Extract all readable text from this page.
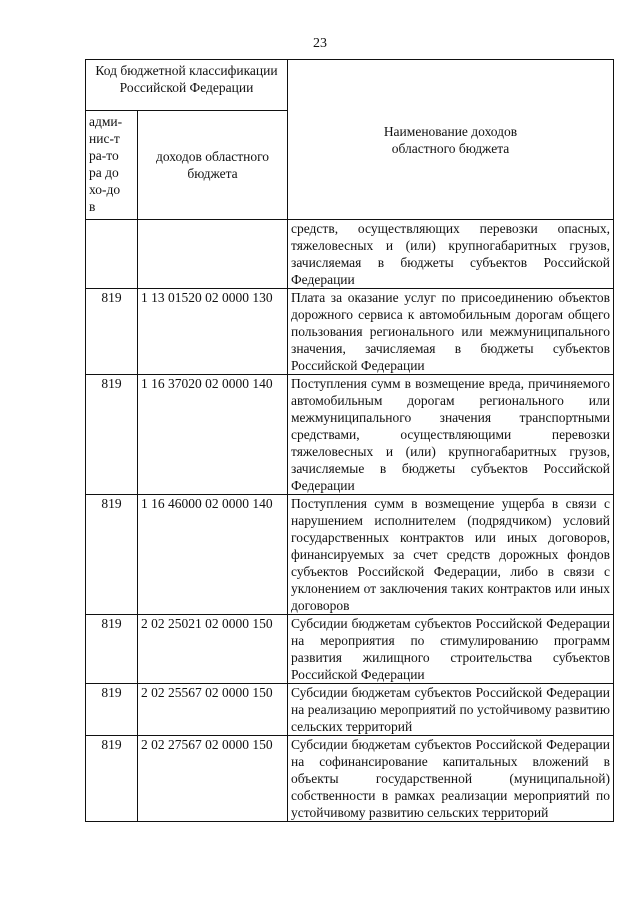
23
Код бюджетной классификации Российской Федерации		Наименование доходов областного бюджета

адми-нис-тра-тора дохо-дов	доходов областного бюджета	

		средств, осуществляющих перевозки опасных, тяжеловесных и (или) крупногабаритных грузов, зачисляемая в бюджеты субъектов Российской Федерации
819	1 13 01520 02 0000 130	Плата за оказание услуг по присоединению объектов дорожного сервиса к автомобильным дорогам общего пользования регионального или межмуниципального значения, зачисляемая в бюджеты субъектов Российской Федерации
819	1 16 37020 02 0000 140	Поступления сумм в возмещение вреда, причиняемого автомобильным дорогам регионального или межмуниципального значения транспортными средствами, осуществляющими перевозки тяжеловесных и (или) крупногабаритных грузов, зачисляемые в бюджеты субъектов Российской Федерации
819	1 16 46000 02 0000 140	Поступления сумм в возмещение ущерба в связи с нарушением исполнителем (подрядчиком) условий государственных контрактов или иных договоров, финансируемых за счет средств дорожных фондов субъектов Российской Федерации, либо в связи с уклонением от заключения таких контрактов или иных договоров
819	2 02 25021 02 0000 150	Субсидии бюджетам субъектов Российской Федерации на мероприятия по стимулированию программ развития жилищного строительства субъектов Российской Федерации
819	2 02 25567 02 0000 150	Субсидии бюджетам субъектов Российской Федерации на реализацию мероприятий по устойчивому развитию сельских территорий
819	2 02 27567 02 0000 150	Субсидии бюджетам субъектов Российской Федерации на софинансирование капитальных вложений в объекты государственной (муниципальной) собственности в рамках реализации мероприятий по устойчивому развитию сельских территорий
